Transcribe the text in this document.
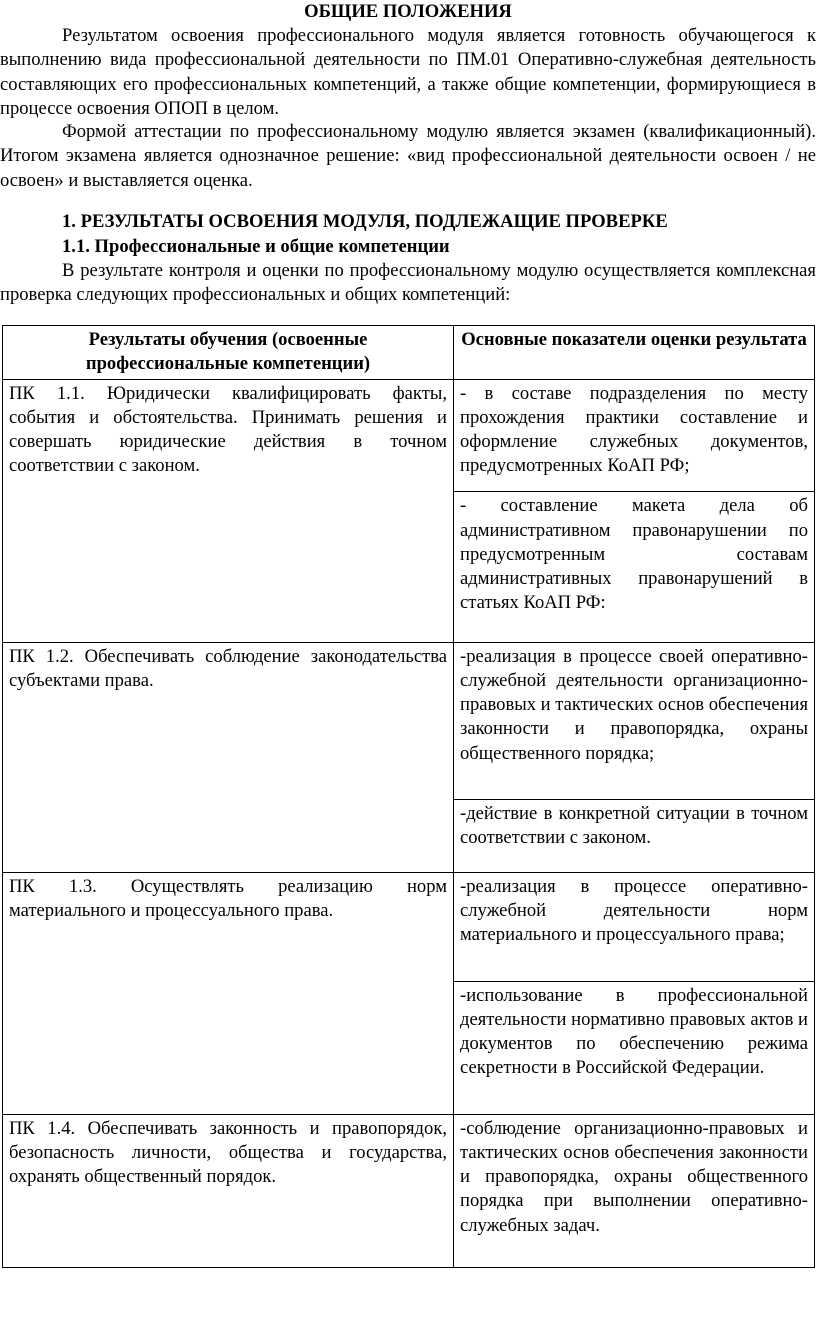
ОБЩИЕ ПОЛОЖЕНИЯ
Результатом освоения профессионального модуля является готовность обучающегося к выполнению вида профессиональной деятельности по ПМ.01 Оперативно-служебная деятельность составляющих его профессиональных компетенций, а также общие компетенции, формирующиеся в процессе освоения ОПОП в целом.
Формой аттестации по профессиональному модулю является экзамен (квалификационный). Итогом экзамена является однозначное решение: «вид профессиональной деятельности освоен / не освоен» и выставляется оценка.
1. РЕЗУЛЬТАТЫ ОСВОЕНИЯ МОДУЛЯ, ПОДЛЕЖАЩИЕ ПРОВЕРКЕ
1.1. Профессиональные и общие компетенции
В результате контроля и оценки по профессиональному модулю осуществляется комплексная проверка следующих профессиональных и общих компетенций:
Результаты обучения (освоенные профессиональные компетенции)	Основные показатели оценки результата
ПК 1.1. Юридически квалифицировать факты, события и обстоятельства. Принимать решения и совершать юридические действия в точном соответствии с законом.	- в составе подразделения по месту прохождения практики составление и оформление служебных документов, предусмотренных КоАП РФ;
	- составление макета дела об административном правонарушении по предусмотренным составам административных правонарушений в статьях КоАП РФ:
ПК 1.2. Обеспечивать соблюдение законодательства субъектами права.	-реализация в процессе своей оперативно-служебной деятельности организационно-правовых и тактических основ обеспечения законности и правопорядка, охраны общественного порядка;
	-действие в конкретной ситуации в точном соответствии с законом.
ПК 1.3. Осуществлять реализацию норм материального и процессуального права.	-реализация в процессе оперативно-служебной деятельности норм материального и процессуального права;
	-использование в профессиональной деятельности нормативно правовых актов и документов по обеспечению режима секретности в Российской Федерации.
ПК 1.4. Обеспечивать законность и правопорядок, безопасность личности, общества и государства, охранять общественный порядок.	-соблюдение организационно-правовых и тактических основ обеспечения законности и правопорядка, охраны общественного порядка при выполнении оперативно-служебных задач.
